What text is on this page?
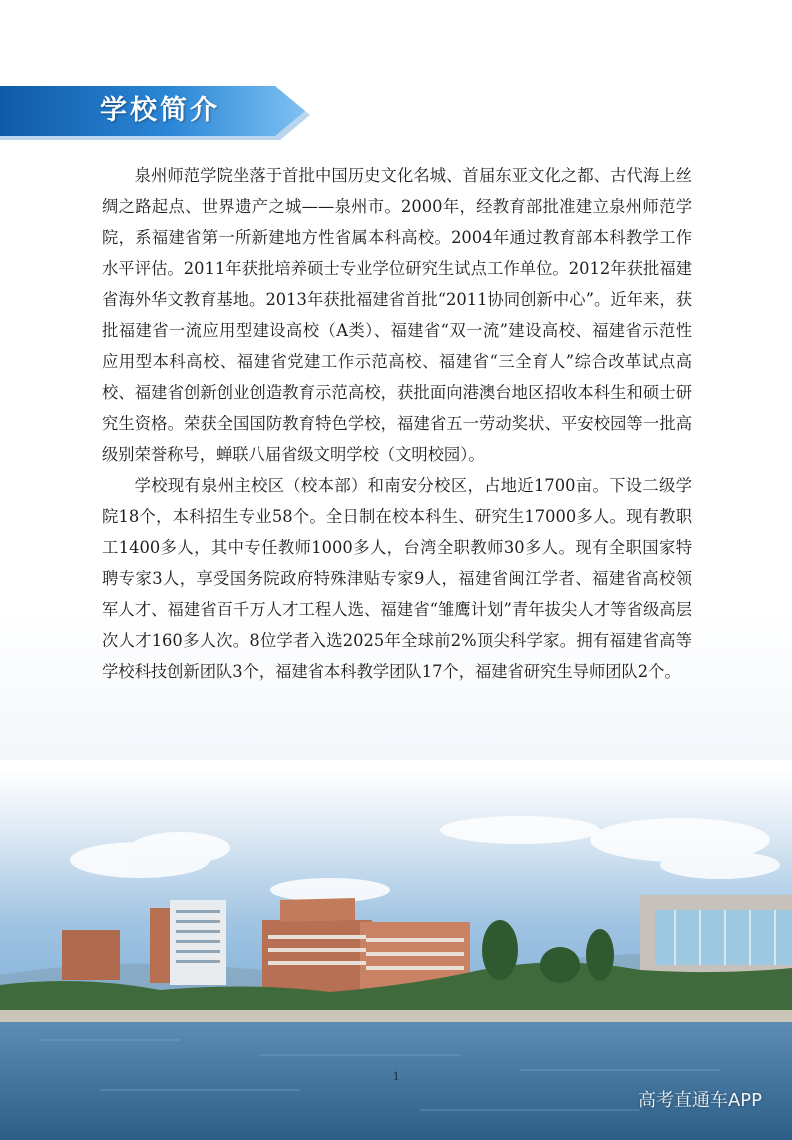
学校简介

泉州师范学院坐落于首批中国历史文化名城、首届东亚文化之都、古代海上丝绸之路起点、世界遗产之城——泉州市。2000年，经教育部批准建立泉州师范学院，系福建省第一所新建地方性省属本科高校。2004年通过教育部本科教学工作水平评估。2011年获批培养硕士专业学位研究生试点工作单位。2012年获批福建省海外华文教育基地。2013年获批福建省首批“2011协同创新中心”。近年来，获批福建省一流应用型建设高校（A类）、福建省“双一流”建设高校、福建省示范性应用型本科高校、福建省党建工作示范高校、福建省“三全育人”综合改革试点高校、福建省创新创业创造教育示范高校，获批面向港澳台地区招收本科生和硕士研究生资格。荣获全国国防教育特色学校，福建省五一劳动奖状、平安校园等一批高级别荣誉称号，蝉联八届省级文明学校（文明校园）。

学校现有泉州主校区（校本部）和南安分校区，占地近1700亩。下设二级学院18个，本科招生专业58个。全日制在校本科生、研究生17000多人。现有教职工1400多人，其中专任教师1000多人，台湾全职教师30多人。现有全职国家特聘专家3人，享受国务院政府特殊津贴专家9人，福建省闽江学者、福建省高校领军人才、福建省百千万人才工程人选、福建省“雏鹰计划”青年拔尖人才等省级高层次人才160多人次。8位学者入选2025年全球前2%顶尖科学家。拥有福建省高等学校科技创新团队3个，福建省本科教学团队17个，福建省研究生导师团队2个。

1
高考直通车APP
